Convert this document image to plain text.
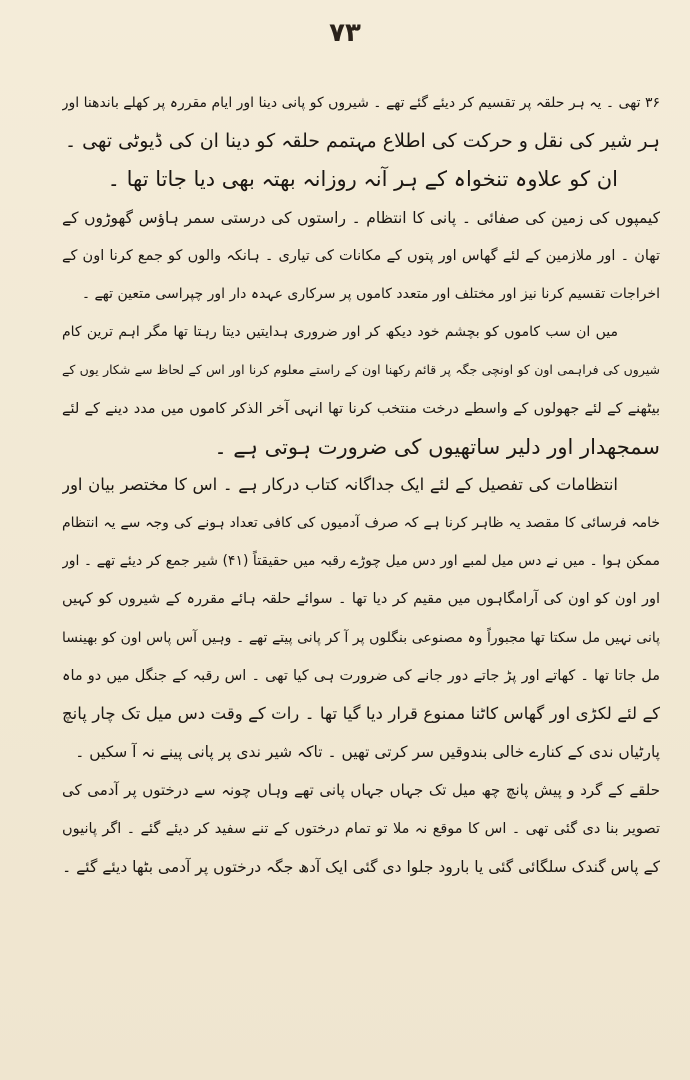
۷۳
۳۶ تھی ۔ یہ ہر حلقہ پر تقسیم کر دیئے گئے تھے ۔ شیروں کو پانی دینا اور ایام مقررہ پر کھلے باندھنا اور
ہر شیر کی نقل و حرکت کی اطلاع مہتمم حلقہ کو دینا ان کی ڈیوٹی تھی ۔
ان کو علاوہ تنخواہ کے ہر آنہ روزانہ بھتہ بھی دیا جاتا تھا ۔
کیمپوں کی زمین کی صفائی ۔ پانی کا انتظام ۔ راستوں کی درستی سمر ہاؤس گھوڑوں کے
تھان ۔ اور ملازمین کے لئے گھاس اور پتوں کے مکانات کی تیاری ۔ ہانکہ والوں کو جمع کرنا اون کے
اخراجات تقسیم کرنا نیز اور مختلف اور متعدد کاموں پر سرکاری عہدہ دار اور چپراسی متعین تھے ۔
میں ان سب کاموں کو بچشم خود دیکھ کر اور ضروری ہدایتیں دیتا رہتا تھا مگر اہم ترین کام
شیروں کی فراہمی اون کو اونچی جگہ پر قائم رکھنا اون کے راستے معلوم کرنا اور اس کے لحاظ سے شکار یوں کے
بیٹھنے کے لئے جھولوں کے واسطے درخت منتخب کرنا تھا انہی آخر الذکر کاموں میں مدد دینے کے لئے
سمجھدار اور دلیر ساتھیوں کی ضرورت ہوتی ہے ۔
انتظامات کی تفصیل کے لئے ایک جداگانہ کتاب درکار ہے ۔ اس کا مختصر بیان اور
خامہ فرسائی کا مقصد یہ ظاہر کرنا ہے کہ صرف آدمیوں کی کافی تعداد ہونے کی وجہ سے یہ انتظام
ممکن ہوا ۔ میں نے دس میل لمبے اور دس میل چوڑے رقبہ میں حقیقتاً (۴۱) شیر جمع کر دیئے تھے ۔ اور
اور اون کو اون کی آرامگاہوں میں مقیم کر دیا تھا ۔ سوائے حلقہ ہائے مقررہ کے شیروں کو کہیں
پانی نہیں مل سکتا تھا مجبوراً وہ مصنوعی بنگلوں پر آ کر پانی پیتے تھے ۔ وہیں آس پاس اون کو بھینسا
مل جاتا تھا ۔ کھاتے اور پڑ جاتے دور جانے کی ضرورت ہی کیا تھی ۔ اس رقبہ کے جنگل میں دو ماہ
کے لئے لکڑی اور گھاس کاٹنا ممنوع قرار دیا گیا تھا ۔ رات کے وقت دس میل تک چار پانچ
پارٹیاں ندی کے کنارے خالی بندوقیں سر کرتی تھیں ۔ تاکہ شیر ندی پر پانی پینے نہ آ سکیں ۔
حلقے کے گرد و پیش پانچ چھ میل تک جہاں جہاں پانی تھے وہاں چونہ سے درختوں پر آدمی کی
تصویر بنا دی گئی تھی ۔ اس کا موقع نہ ملا تو تمام درختوں کے تنے سفید کر دیئے گئے ۔ اگر پانیوں
کے پاس گندک سلگائی گئی یا بارود جلوا دی گئی ایک آدھ جگہ درختوں پر آدمی بٹھا دیئے گئے ۔
